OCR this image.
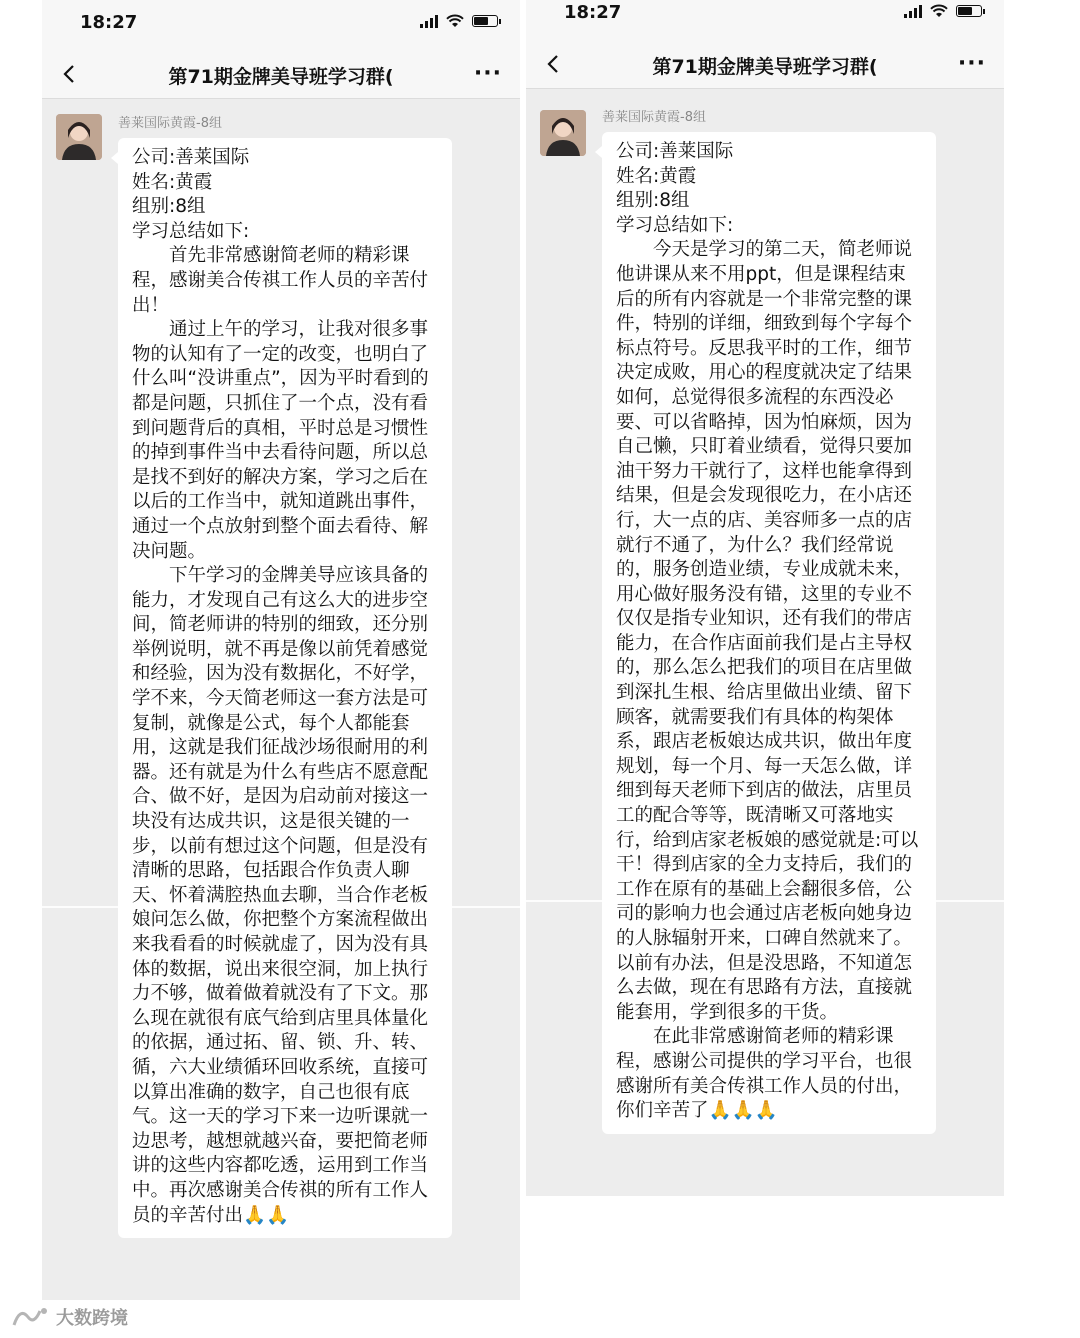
18:27
第71期金牌美导班学习群(	···
善莱国际黄霞-8组
公司:善莱国际
姓名:黄霞
组别:8组
学习总结如下:

首先非常感谢简老师的精彩课程，感谢美合传祺工作人员的辛苦付出！

通过上午的学习，让我对很多事物的认知有了一定的改变，也明白了什么叫“没讲重点”，因为平时看到的都是问题，只抓住了一个点，没有看到问题背后的真相，平时总是习惯性的掉到事件当中去看待问题，所以总是找不到好的解决方案，学习之后在以后的工作当中，就知道跳出事件，通过一个点放射到整个面去看待、解决问题。

下午学习的金牌美导应该具备的能力，才发现自己有这么大的进步空间，简老师讲的特别的细致，还分别举例说明，就不再是像以前凭着感觉和经验，因为没有数据化，不好学，学不来，今天简老师这一套方法是可复制，就像是公式，每个人都能套用，这就是我们征战沙场很耐用的利器。还有就是为什么有些店不愿意配合、做不好，是因为启动前对接这一块没有达成共识，这是很关键的一步，以前有想过这个问题，但是没有清晰的思路，包括跟合作负责人聊天、怀着满腔热血去聊，当合作老板娘问怎么做，你把整个方案流程做出来我看看的时候就虚了，因为没有具体的数据，说出来很空洞，加上执行力不够，做着做着就没有了下文。那么现在就很有底气给到店里具体量化的依据，通过拓、留、锁、升、转、循，六大业绩循环回收系统，直接可以算出准确的数字，自己也很有底气。这一天的学习下来一边听课就一边思考，越想就越兴奋，要把简老师讲的这些内容都吃透，运用到工作当中。再次感谢美合传祺的所有工作人员的辛苦付出🙏🙏

18:27
第71期金牌美导班学习群(	···
善莱国际黄霞-8组
公司:善莱国际
姓名:黄霞
组别:8组
学习总结如下:

今天是学习的第二天，简老师说他讲课从来不用ppt，但是课程结束后的所有内容就是一个非常完整的课件，特别的详细，细致到每个字每个标点符号。反思我平时的工作，细节决定成败，用心的程度就决定了结果如何，总觉得很多流程的东西没必要、可以省略掉，因为怕麻烦，因为自己懒，只盯着业绩看，觉得只要加油干努力干就行了，这样也能拿得到结果，但是会发现很吃力，在小店还行，大一点的店、美容师多一点的店就行不通了，为什么？我们经常说的，服务创造业绩，专业成就未来，用心做好服务没有错，这里的专业不仅仅是指专业知识，还有我们的带店能力，在合作店面前我们是占主导权的，那么怎么把我们的项目在店里做到深扎生根、给店里做出业绩、留下顾客，就需要我们有具体的构架体系，跟店老板娘达成共识，做出年度规划，每一个月、每一天怎么做，详细到每天老师下到店的做法，店里员工的配合等等，既清晰又可落地实行，给到店家老板娘的感觉就是:可以干！得到店家的全力支持后，我们的工作在原有的基础上会翻很多倍，公司的影响力也会通过店老板向她身边的人脉辐射开来，口碑自然就来了。以前有办法，但是没思路，不知道怎么去做，现在有思路有方法，直接就能套用，学到很多的干货。

在此非常感谢简老师的精彩课程，感谢公司提供的学习平台，也很感谢所有美合传祺工作人员的付出，你们辛苦了🙏🙏🙏

大数跨境
